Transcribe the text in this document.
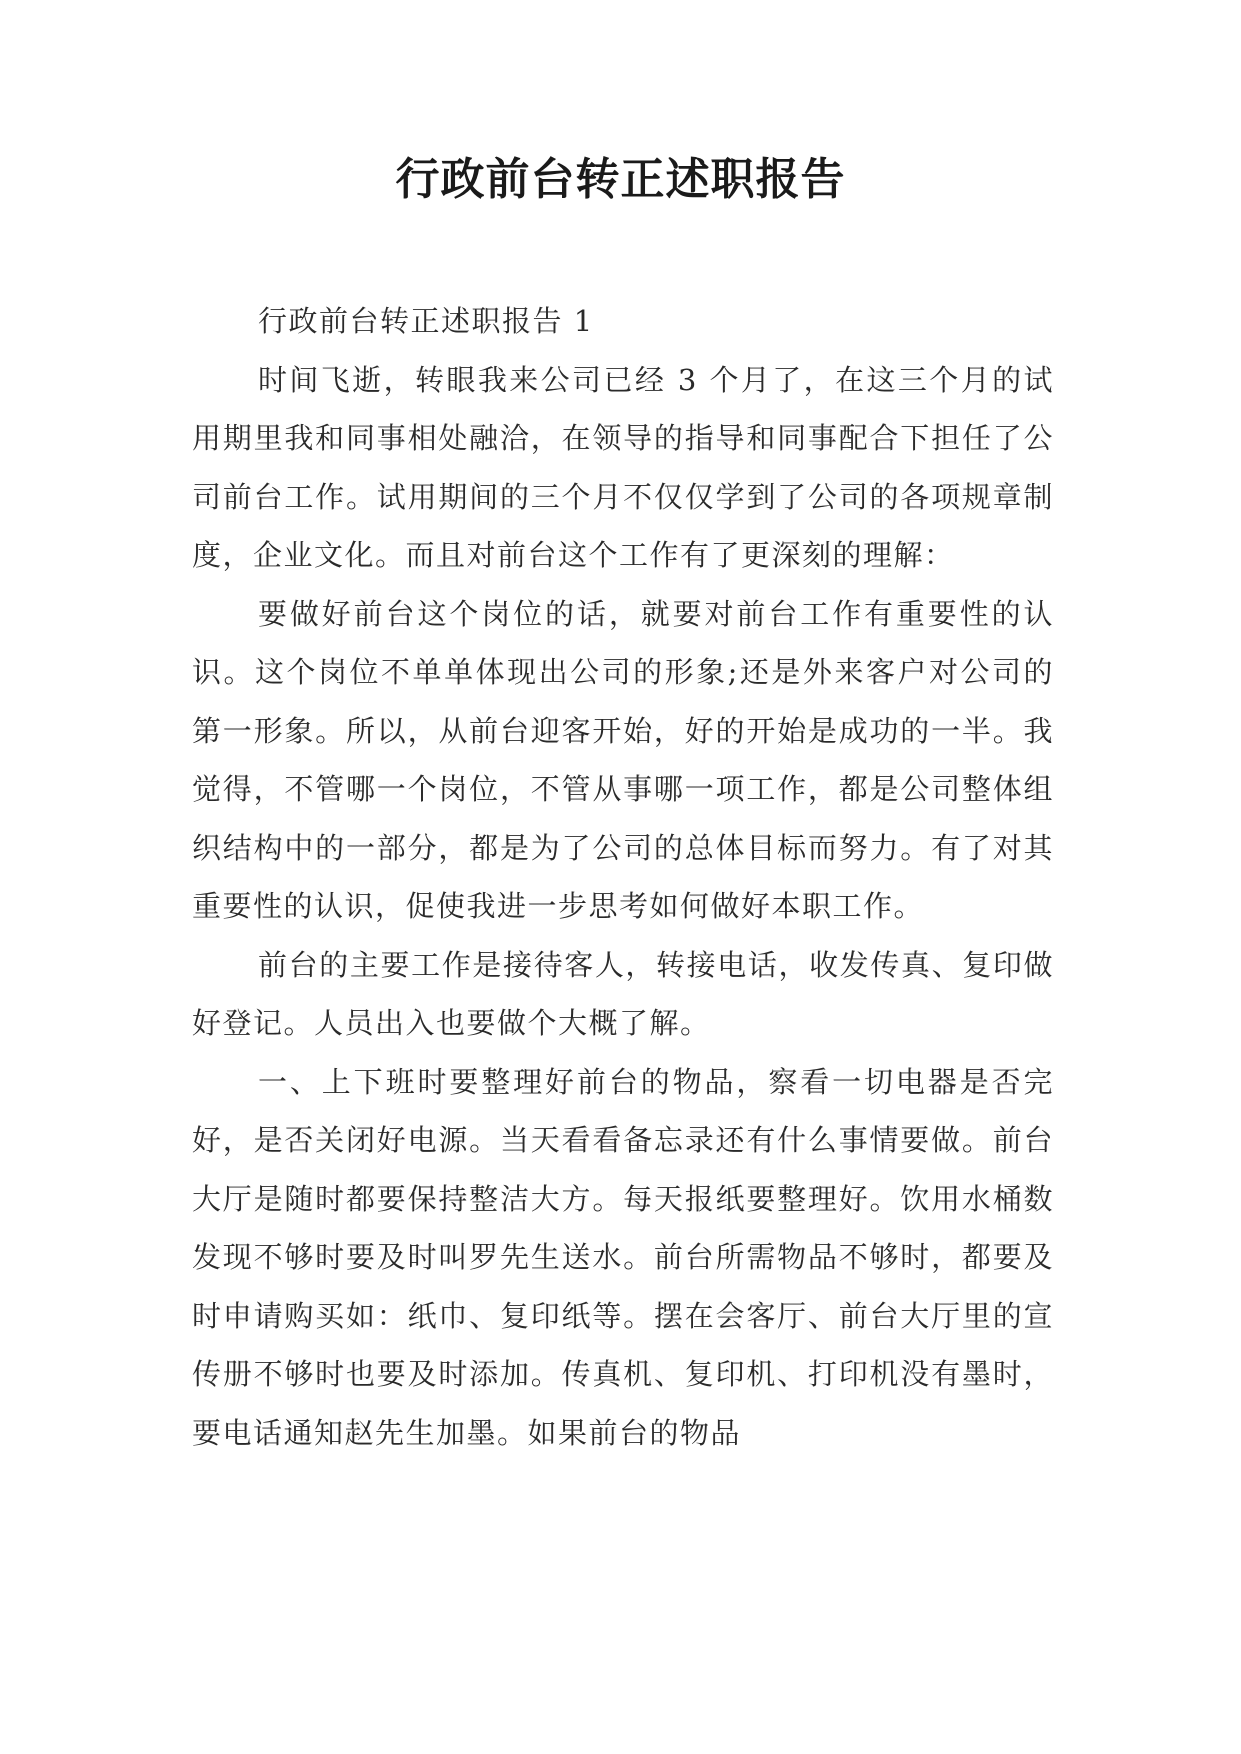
行政前台转正述职报告

行政前台转正述职报告 1

时间飞逝，转眼我来公司已经 3 个月了，在这三个月的试用期里我和同事相处融洽，在领导的指导和同事配合下担任了公司前台工作。试用期间的三个月不仅仅学到了公司的各项规章制度，企业文化。而且对前台这个工作有了更深刻的理解：

要做好前台这个岗位的话，就要对前台工作有重要性的认识。这个岗位不单单体现出公司的形象;还是外来客户对公司的第一形象。所以，从前台迎客开始，好的开始是成功的一半。我觉得，不管哪一个岗位，不管从事哪一项工作，都是公司整体组织结构中的一部分，都是为了公司的总体目标而努力。有了对其重要性的认识，促使我进一步思考如何做好本职工作。

前台的主要工作是接待客人，转接电话，收发传真、复印做好登记。人员出入也要做个大概了解。

一、上下班时要整理好前台的物品，察看一切电器是否完好，是否关闭好电源。当天看看备忘录还有什么事情要做。前台大厅是随时都要保持整洁大方。每天报纸要整理好。饮用水桶数发现不够时要及时叫罗先生送水。前台所需物品不够时，都要及时申请购买如：纸巾、复印纸等。摆在会客厅、前台大厅里的宣传册不够时也要及时添加。传真机、复印机、打印机没有墨时，要电话通知赵先生加墨。如果前台的物品
